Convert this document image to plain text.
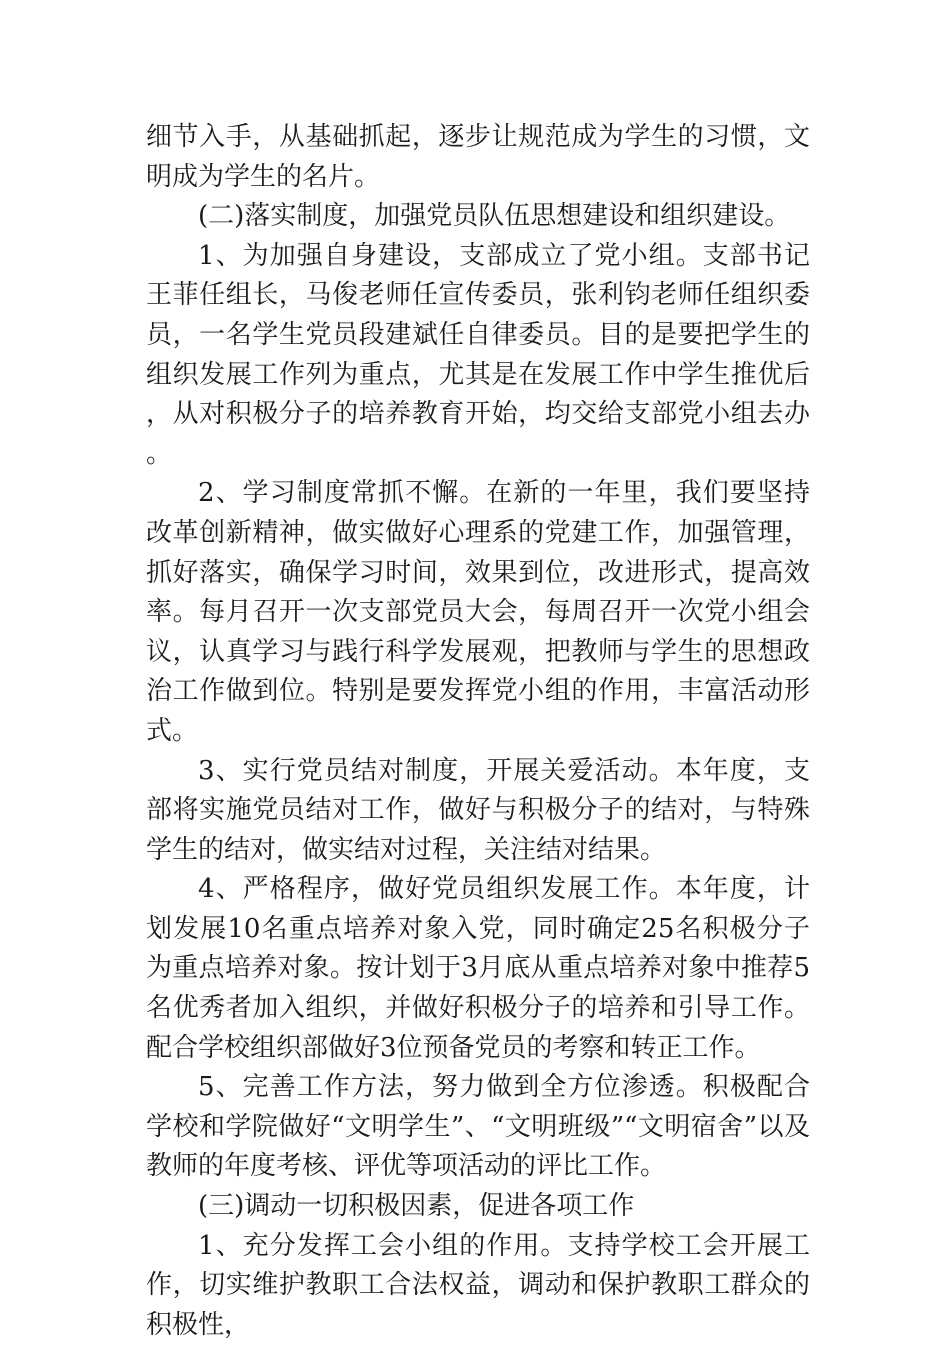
细节入手，从基础抓起，逐步让规范成为学生的习惯，文明成为学生的名片。

(二)落实制度，加强党员队伍思想建设和组织建设。

1、为加强自身建设，支部成立了党小组。支部书记王菲任组长，马俊老师任宣传委员，张利钧老师任组织委员，一名学生党员段建斌任自律委员。目的是要把学生的组织发展工作列为重点，尤其是在发展工作中学生推优后，从对积极分子的培养教育开始，均交给支部党小组去办。

2、学习制度常抓不懈。在新的一年里，我们要坚持改革创新精神，做实做好心理系的党建工作，加强管理，抓好落实，确保学习时间，效果到位，改进形式，提高效率。每月召开一次支部党员大会，每周召开一次党小组会议，认真学习与践行科学发展观，把教师与学生的思想政治工作做到位。特别是要发挥党小组的作用，丰富活动形式。

3、实行党员结对制度，开展关爱活动。本年度，支部将实施党员结对工作，做好与积极分子的结对，与特殊学生的结对，做实结对过程，关注结对结果。

4、严格程序，做好党员组织发展工作。本年度，计划发展10名重点培养对象入党，同时确定25名积极分子为重点培养对象。按计划于3月底从重点培养对象中推荐5名优秀者加入组织，并做好积极分子的培养和引导工作。配合学校组织部做好3位预备党员的考察和转正工作。

5、完善工作方法，努力做到全方位渗透。积极配合学校和学院做好“文明学生”、“文明班级”“文明宿舍”以及教师的年度考核、评优等项活动的评比工作。

(三)调动一切积极因素，促进各项工作

1、充分发挥工会小组的作用。支持学校工会开展工作，切实维护教职工合法权益，调动和保护教职工群众的积极性，
